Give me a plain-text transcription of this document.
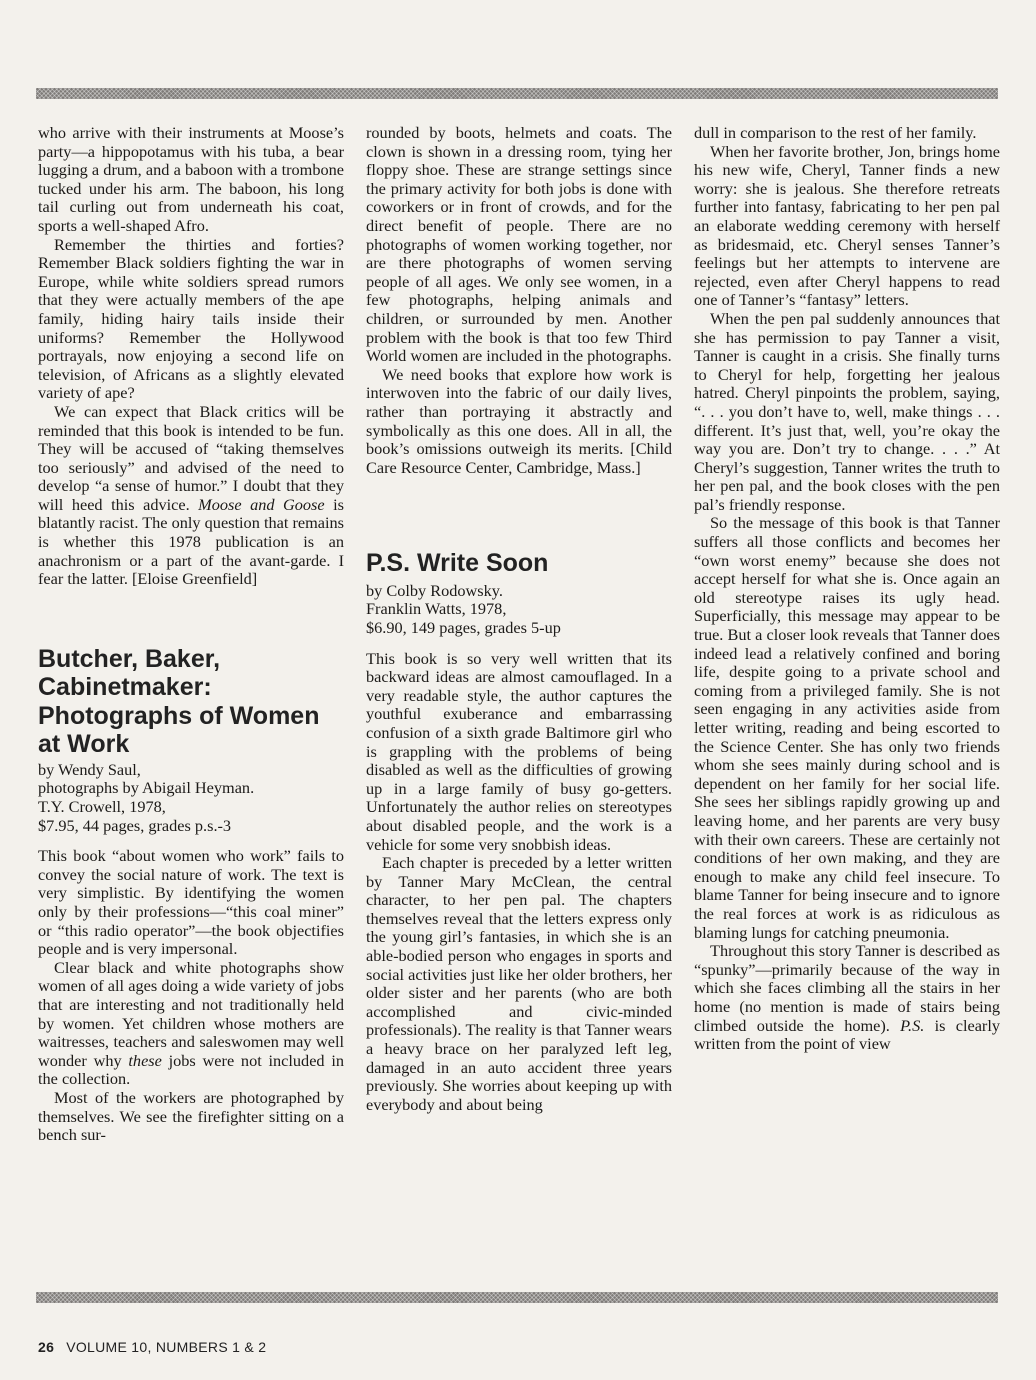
who arrive with their instruments at Moose’s party—a hippopotamus with his tuba, a bear lugging a drum, and a baboon with a trombone tucked under his arm. The baboon, his long tail curling out from underneath his coat, sports a well-shaped Afro.

Remember the thirties and forties? Remember Black soldiers fighting the war in Europe, while white soldiers spread rumors that they were actually members of the ape family, hiding hairy tails inside their uniforms? Remember the Hollywood portrayals, now enjoying a second life on television, of Africans as a slightly elevated variety of ape?

We can expect that Black critics will be reminded that this book is intended to be fun. They will be accused of “taking themselves too seriously” and advised of the need to develop “a sense of humor.” I doubt that they will heed this advice. Moose and Goose is blatantly racist. The only question that remains is whether this 1978 publication is an anachronism or a part of the avant-garde. I fear the latter. [Eloise Greenfield]

Butcher, Baker, Cabinetmaker: Photographs of Women at Work

by Wendy Saul,

photographs by Abigail Heyman.

T.Y. Crowell, 1978,

$7.95, 44 pages, grades p.s.-3

This book “about women who work” fails to convey the social nature of work. The text is very simplistic. By identifying the women only by their professions—“this coal miner” or “this radio operator”—the book objectifies people and is very impersonal.

Clear black and white photographs show women of all ages doing a wide variety of jobs that are interesting and not traditionally held by women. Yet children whose mothers are waitresses, teachers and saleswomen may well wonder why these jobs were not included in the collection.

Most of the workers are photographed by themselves. We see the firefighter sitting on a bench sur-

rounded by boots, helmets and coats. The clown is shown in a dressing room, tying her floppy shoe. These are strange settings since the primary activity for both jobs is done with coworkers or in front of crowds, and for the direct benefit of people. There are no photographs of women working together, nor are there photographs of women serving people of all ages. We only see women, in a few photographs, helping animals and children, or surrounded by men. Another problem with the book is that too few Third World women are included in the photographs.

We need books that explore how work is interwoven into the fabric of our daily lives, rather than portraying it abstractly and symbolically as this one does. All in all, the book’s omissions outweigh its merits. [Child Care Resource Center, Cambridge, Mass.]

P.S. Write Soon

by Colby Rodowsky.

Franklin Watts, 1978,

$6.90, 149 pages, grades 5-up

This book is so very well written that its backward ideas are almost camouflaged. In a very readable style, the author captures the youthful exuberance and embarrassing confusion of a sixth grade Baltimore girl who is grappling with the problems of being disabled as well as the difficulties of growing up in a large family of busy go-getters. Unfortunately the author relies on stereotypes about disabled people, and the work is a vehicle for some very snobbish ideas.

Each chapter is preceded by a letter written by Tanner Mary McClean, the central character, to her pen pal. The chapters themselves reveal that the letters express only the young girl’s fantasies, in which she is an able-bodied person who engages in sports and social activities just like her older brothers, her older sister and her parents (who are both accomplished and civic-minded professionals). The reality is that Tanner wears a heavy brace on her paralyzed left leg, damaged in an auto accident three years previously. She worries about keeping up with everybody and about being

dull in comparison to the rest of her family.

When her favorite brother, Jon, brings home his new wife, Cheryl, Tanner finds a new worry: she is jealous. She therefore retreats further into fantasy, fabricating to her pen pal an elaborate wedding ceremony with herself as bridesmaid, etc. Cheryl senses Tanner’s feelings but her attempts to intervene are rejected, even after Cheryl happens to read one of Tanner’s “fantasy” letters.

When the pen pal suddenly announces that she has permission to pay Tanner a visit, Tanner is caught in a crisis. She finally turns to Cheryl for help, forgetting her jealous hatred. Cheryl pinpoints the problem, saying, “. . . you don’t have to, well, make things . . . different. It’s just that, well, you’re okay the way you are. Don’t try to change. . . .” At Cheryl’s suggestion, Tanner writes the truth to her pen pal, and the book closes with the pen pal’s friendly response.

So the message of this book is that Tanner suffers all those conflicts and becomes her “own worst enemy” because she does not accept herself for what she is. Once again an old stereotype raises its ugly head. Superficially, this message may appear to be true. But a closer look reveals that Tanner does indeed lead a relatively confined and boring life, despite going to a private school and coming from a privileged family. She is not seen engaging in any activities aside from letter writing, reading and being escorted to the Science Center. She has only two friends whom she sees mainly during school and is dependent on her family for her social life. She sees her siblings rapidly growing up and leaving home, and her parents are very busy with their own careers. These are certainly not conditions of her own making, and they are enough to make any child feel insecure. To blame Tanner for being insecure and to ignore the real forces at work is as ridiculous as blaming lungs for catching pneumonia.

Throughout this story Tanner is described as “spunky”—primarily because of the way in which she faces climbing all the stairs in her home (no mention is made of stairs being climbed outside the home). P.S. is clearly written from the point of view

26 VOLUME 10, NUMBERS 1 & 2
